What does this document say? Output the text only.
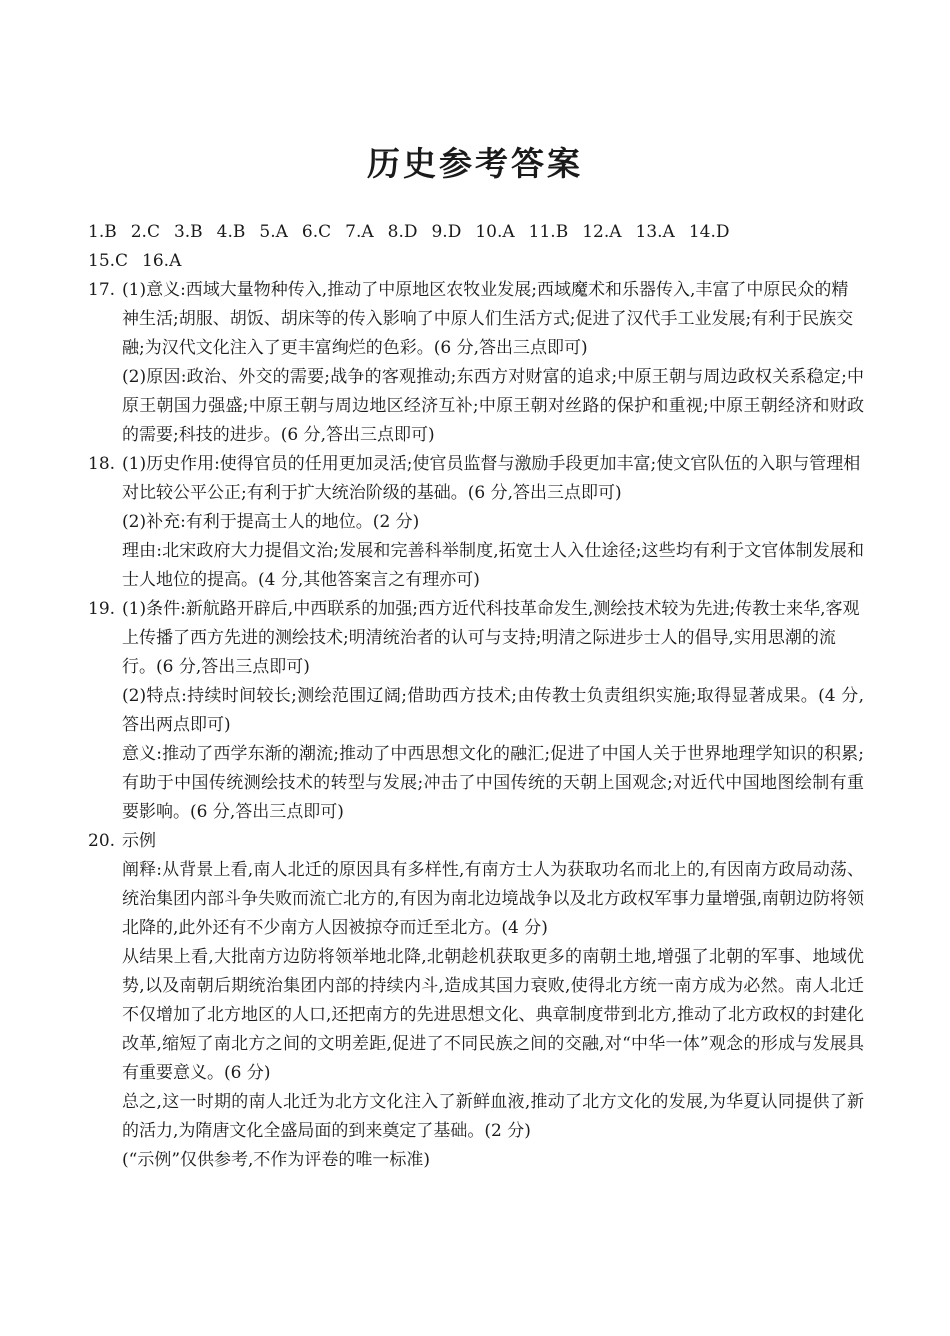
历史参考答案
1.B 2.C 3.B 4.B 5.A 6.C 7.A 8.D 9.D 10.A 11.B 12.A 13.A 14.D
15.C 16.A
17. (1)意义:西域大量物种传入,推动了中原地区农牧业发展;西域魔术和乐器传入,丰富了中原民众的精神生活;胡服、胡饭、胡床等的传入影响了中原人们生活方式;促进了汉代手工业发展;有利于民族交融;为汉代文化注入了更丰富绚烂的色彩。(6 分,答出三点即可)
(2)原因:政治、外交的需要;战争的客观推动;东西方对财富的追求;中原王朝与周边政权关系稳定;中原王朝国力强盛;中原王朝与周边地区经济互补;中原王朝对丝路的保护和重视;中原王朝经济和财政的需要;科技的进步。(6 分,答出三点即可)
18. (1)历史作用:使得官员的任用更加灵活;使官员监督与激励手段更加丰富;使文官队伍的入职与管理相对比较公平公正;有利于扩大统治阶级的基础。(6 分,答出三点即可)
(2)补充:有利于提高士人的地位。(2 分)
理由:北宋政府大力提倡文治;发展和完善科举制度,拓宽士人入仕途径;这些均有利于文官体制发展和士人地位的提高。(4 分,其他答案言之有理亦可)
19. (1)条件:新航路开辟后,中西联系的加强;西方近代科技革命发生,测绘技术较为先进;传教士来华,客观上传播了西方先进的测绘技术;明清统治者的认可与支持;明清之际进步士人的倡导,实用思潮的流行。(6 分,答出三点即可)
(2)特点:持续时间较长;测绘范围辽阔;借助西方技术;由传教士负责组织实施;取得显著成果。(4 分,答出两点即可)
意义:推动了西学东渐的潮流;推动了中西思想文化的融汇;促进了中国人关于世界地理学知识的积累;有助于中国传统测绘技术的转型与发展;冲击了中国传统的天朝上国观念;对近代中国地图绘制有重要影响。(6 分,答出三点即可)
20. 示例
阐释:从背景上看,南人北迁的原因具有多样性,有南方士人为获取功名而北上的,有因南方政局动荡、统治集团内部斗争失败而流亡北方的,有因为南北边境战争以及北方政权军事力量增强,南朝边防将领北降的,此外还有不少南方人因被掠夺而迁至北方。(4 分)
从结果上看,大批南方边防将领举地北降,北朝趁机获取更多的南朝土地,增强了北朝的军事、地域优势,以及南朝后期统治集团内部的持续内斗,造成其国力衰败,使得北方统一南方成为必然。南人北迁不仅增加了北方地区的人口,还把南方的先进思想文化、典章制度带到北方,推动了北方政权的封建化改革,缩短了南北方之间的文明差距,促进了不同民族之间的交融,对“中华一体”观念的形成与发展具有重要意义。(6 分)
总之,这一时期的南人北迁为北方文化注入了新鲜血液,推动了北方文化的发展,为华夏认同提供了新的活力,为隋唐文化全盛局面的到来奠定了基础。(2 分)
(“示例”仅供参考,不作为评卷的唯一标准)
